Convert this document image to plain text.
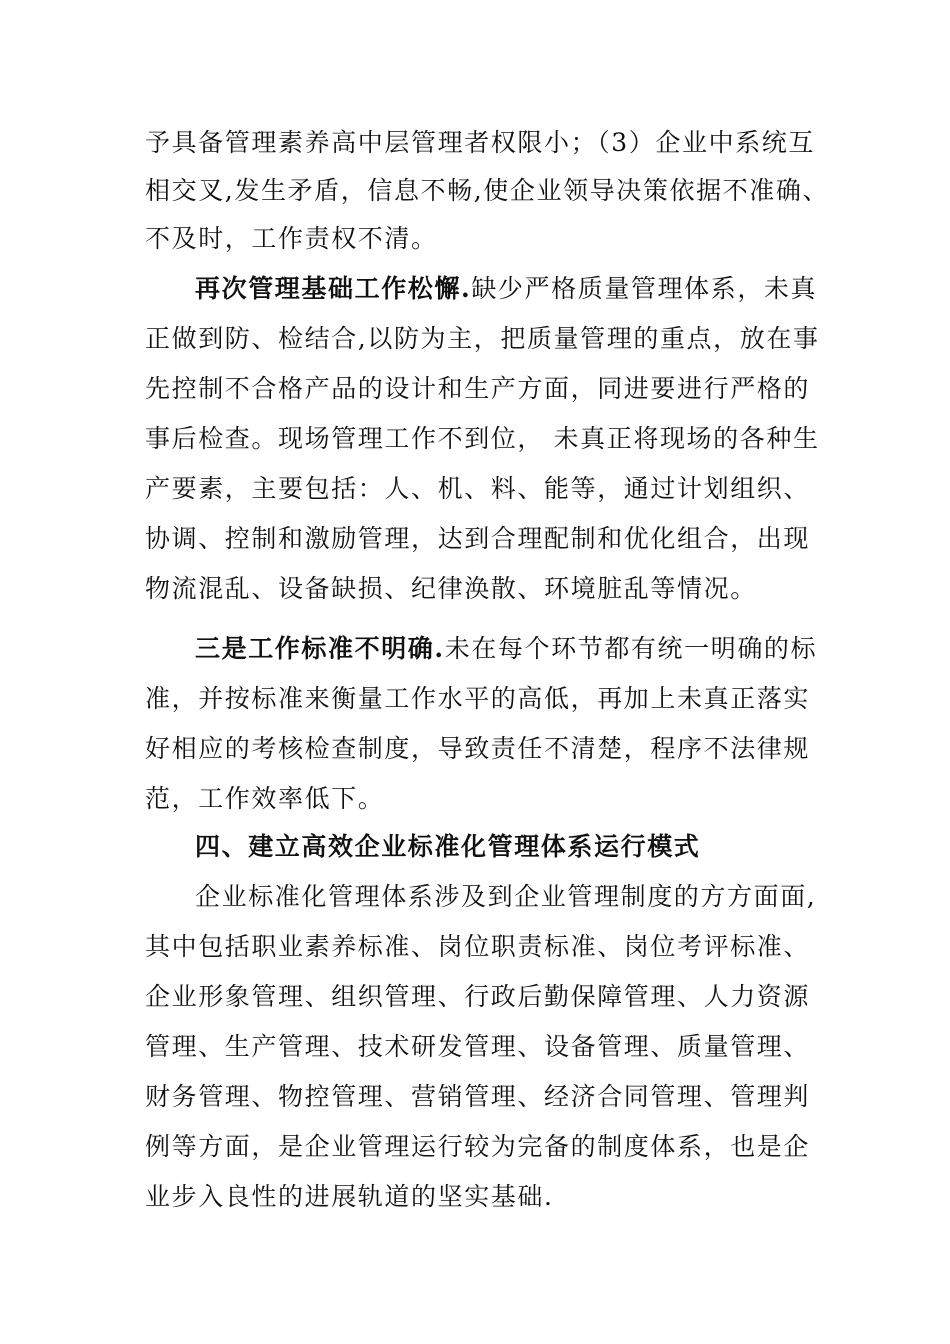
予具备管理素养高中层管理者权限小；（3）企业中系统互
相交叉,发生矛盾，信息不畅,使企业领导决策依据不准确、
不及时，工作责权不清。
再次管理基础工作松懈.缺少严格质量管理体系，未真
正做到防、检结合,以防为主，把质量管理的重点，放在事
先控制不合格产品的设计和生产方面，同进要进行严格的
事后检查。现场管理工作不到位， 未真正将现场的各种生
产要素，主要包括：人、机、料、能等，通过计划组织、
协调、控制和激励管理，达到合理配制和优化组合，出现
物流混乱、设备缺损、纪律涣散、环境脏乱等情况。
三是工作标准不明确.未在每个环节都有统一明确的标
准，并按标准来衡量工作水平的高低，再加上未真正落实
好相应的考核检查制度，导致责任不清楚，程序不法律规
范，工作效率低下。
四、建立高效企业标准化管理体系运行模式
企业标准化管理体系涉及到企业管理制度的方方面面,
其中包括职业素养标准、岗位职责标准、岗位考评标准、
企业形象管理、组织管理、行政后勤保障管理、人力资源
管理、生产管理、技术研发管理、设备管理、质量管理、
财务管理、物控管理、营销管理、经济合同管理、管理判
例等方面，是企业管理运行较为完备的制度体系，也是企
业步入良性的进展轨道的坚实基础.
